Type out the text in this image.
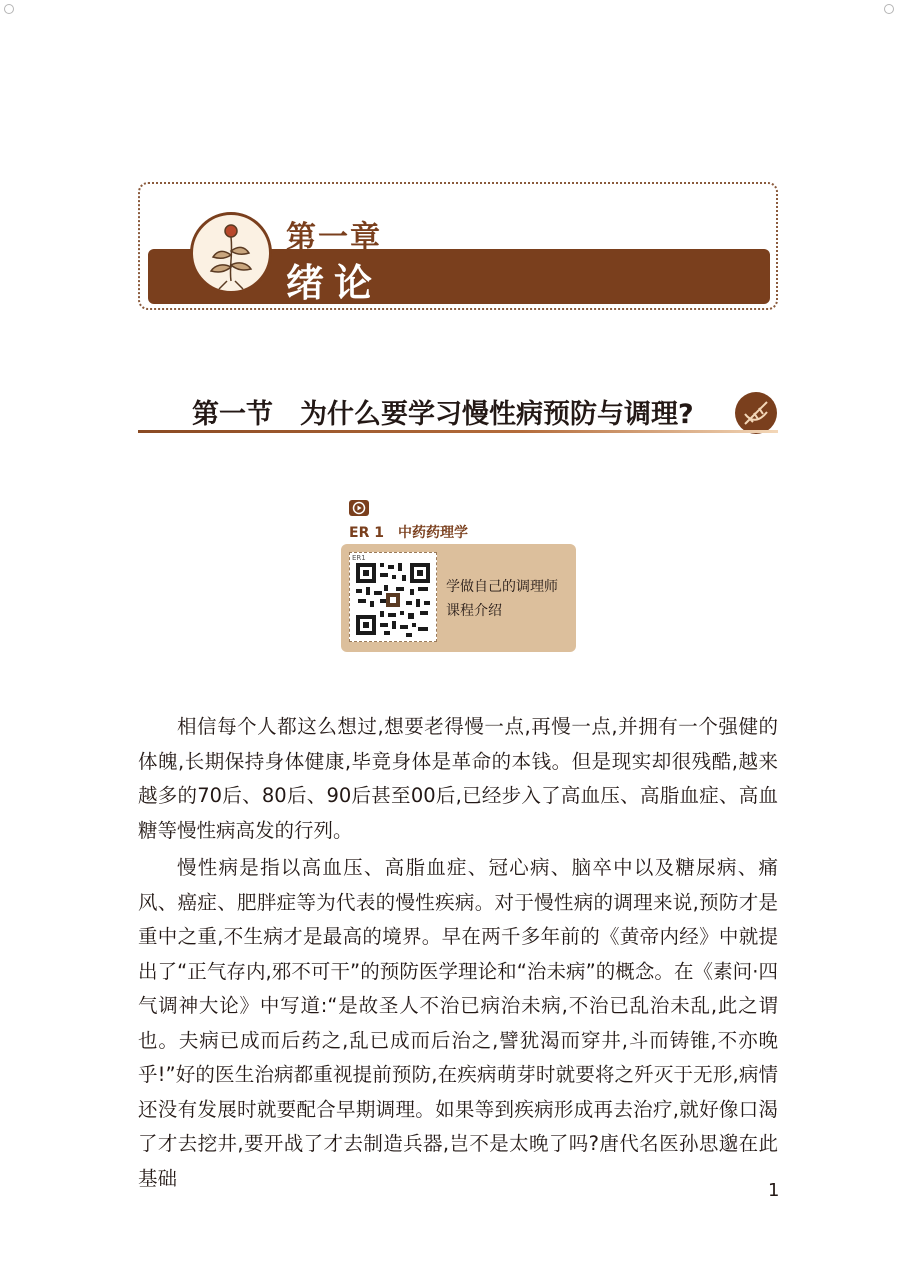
第一章
绪论
第一节　为什么要学习慢性病预防与调理?
ER 1　中药药理学
ER1
学做自己的调理师
课程介绍

相信每个人都这么想过,想要老得慢一点,再慢一点,并拥有一个强健的体魄,长期保持身体健康,毕竟身体是革命的本钱。但是现实却很残酷,越来越多的70后、80后、90后甚至00后,已经步入了高血压、高脂血症、高血糖等慢性病高发的行列。

慢性病是指以高血压、高脂血症、冠心病、脑卒中以及糖尿病、痛风、癌症、肥胖症等为代表的慢性疾病。对于慢性病的调理来说,预防才是重中之重,不生病才是最高的境界。早在两千多年前的《黄帝内经》中就提出了“正气存内,邪不可干”的预防医学理论和“治未病”的概念。在《素问·四气调神大论》中写道:“是故圣人不治已病治未病,不治已乱治未乱,此之谓也。夫病已成而后药之,乱已成而后治之,譬犹渴而穿井,斗而铸锥,不亦晚乎!”好的医生治病都重视提前预防,在疾病萌芽时就要将之歼灭于无形,病情还没有发展时就要配合早期调理。如果等到疾病形成再去治疗,就好像口渴了才去挖井,要开战了才去制造兵器,岂不是太晚了吗?唐代名医孙思邈在此基础

1
